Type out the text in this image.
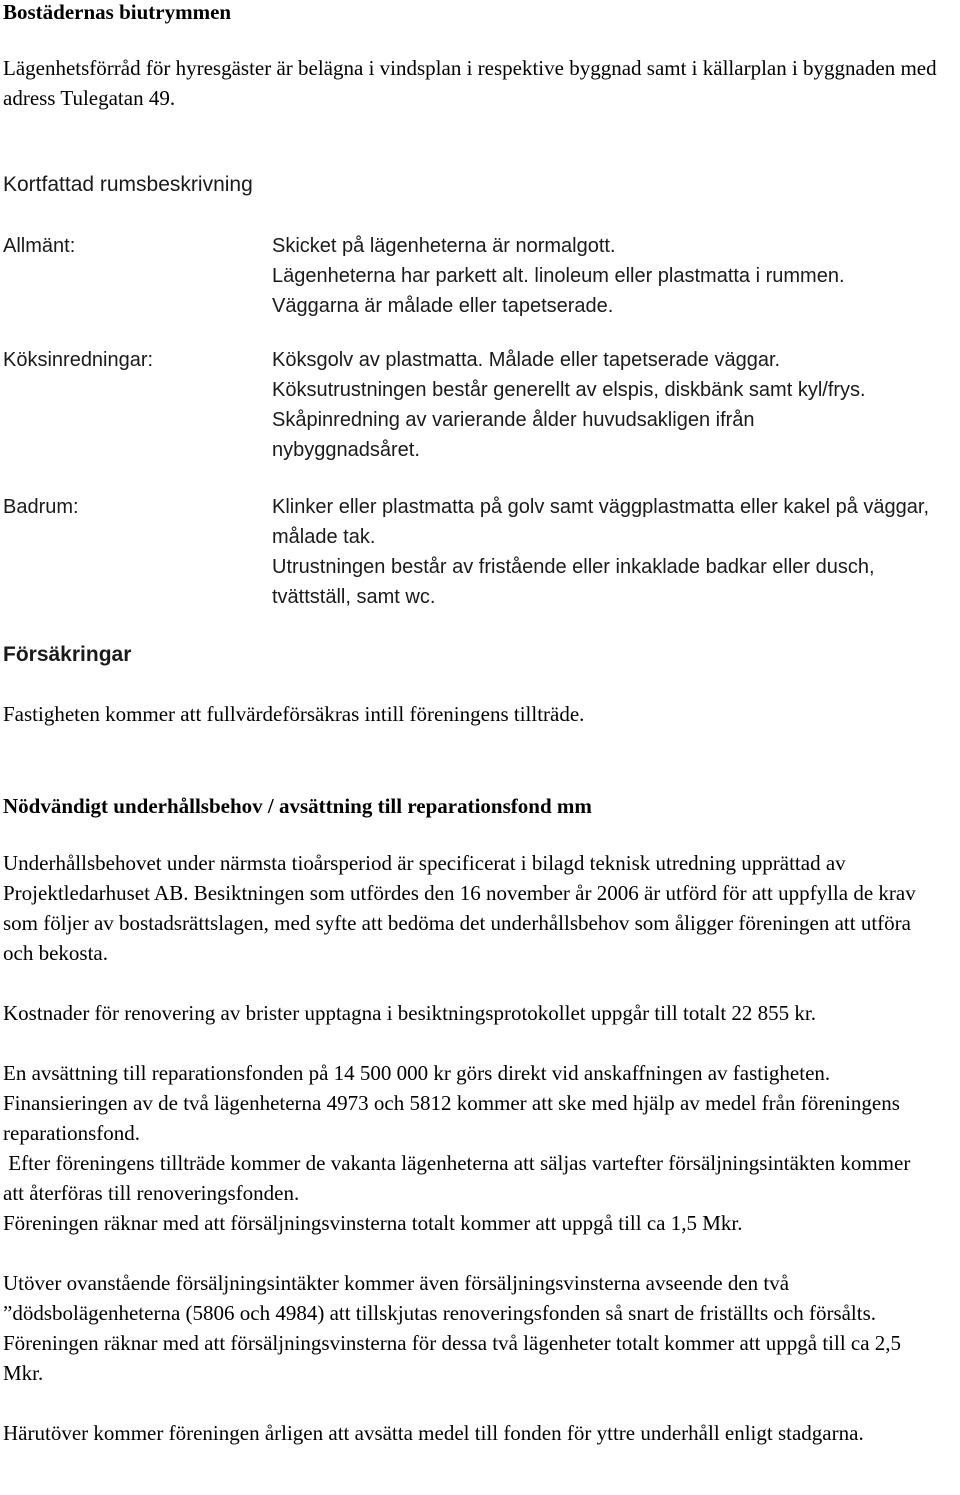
Bostädernas biutrymmen

Lägenhetsförråd för hyresgäster är belägna i vindsplan i respektive byggnad samt i källarplan i byggnaden med adress Tulegatan 49.

Kortfattad rumsbeskrivning

Allmänt:	Skicket på lägenheterna är normalgott.

Lägenheterna har parkett alt. linoleum eller plastmatta i rummen.

Väggarna är målade eller tapetserade.

Köksinredningar:	Köksgolv av plastmatta. Målade eller tapetserade väggar.

Köksutrustningen består generellt av elspis, diskbänk samt kyl/frys.

Skåpinredning av varierande ålder huvudsakligen ifrån nybyggnadsåret.

Badrum:	Klinker eller plastmatta på golv samt väggplastmatta eller kakel på väggar, målade tak.

Utrustningen består av fristående eller inkaklade badkar eller dusch, tvättställ, samt wc.

Försäkringar

Fastigheten kommer att fullvärdeförsäkras intill föreningens tillträde.

Nödvändigt underhållsbehov / avsättning till reparationsfond mm

Underhållsbehovet under närmsta tioårsperiod är specificerat i bilagd teknisk utredning upprättad av Projektledarhuset AB. Besiktningen som utfördes den 16 november år 2006 är utförd för att uppfylla de krav som följer av bostadsrättslagen, med syfte att bedöma det underhållsbehov som åligger föreningen att utföra och bekosta.

Kostnader för renovering av brister upptagna i besiktningsprotokollet uppgår till totalt 22 855 kr.

En avsättning till reparationsfonden på 14 500 000 kr görs direkt vid anskaffningen av fastigheten. Finansieringen av de två lägenheterna 4973 och 5812 kommer att ske med hjälp av medel från föreningens reparationsfond.

Efter föreningens tillträde kommer de vakanta lägenheterna att säljas vartefter försäljningsintäkten kommer att återföras till renoveringsfonden.

Föreningen räknar med att försäljningsvinsterna totalt kommer att uppgå till ca 1,5 Mkr.

Utöver ovanstående försäljningsintäkter kommer även försäljningsvinsterna avseende den två ”dödsbolägenheterna (5806 och 4984) att tillskjutas renoveringsfonden så snart de friställts och försålts. Föreningen räknar med att försäljningsvinsterna för dessa två lägenheter totalt kommer att uppgå till ca 2,5 Mkr.

Härutöver kommer föreningen årligen att avsätta medel till fonden för yttre underhåll enligt stadgarna.
